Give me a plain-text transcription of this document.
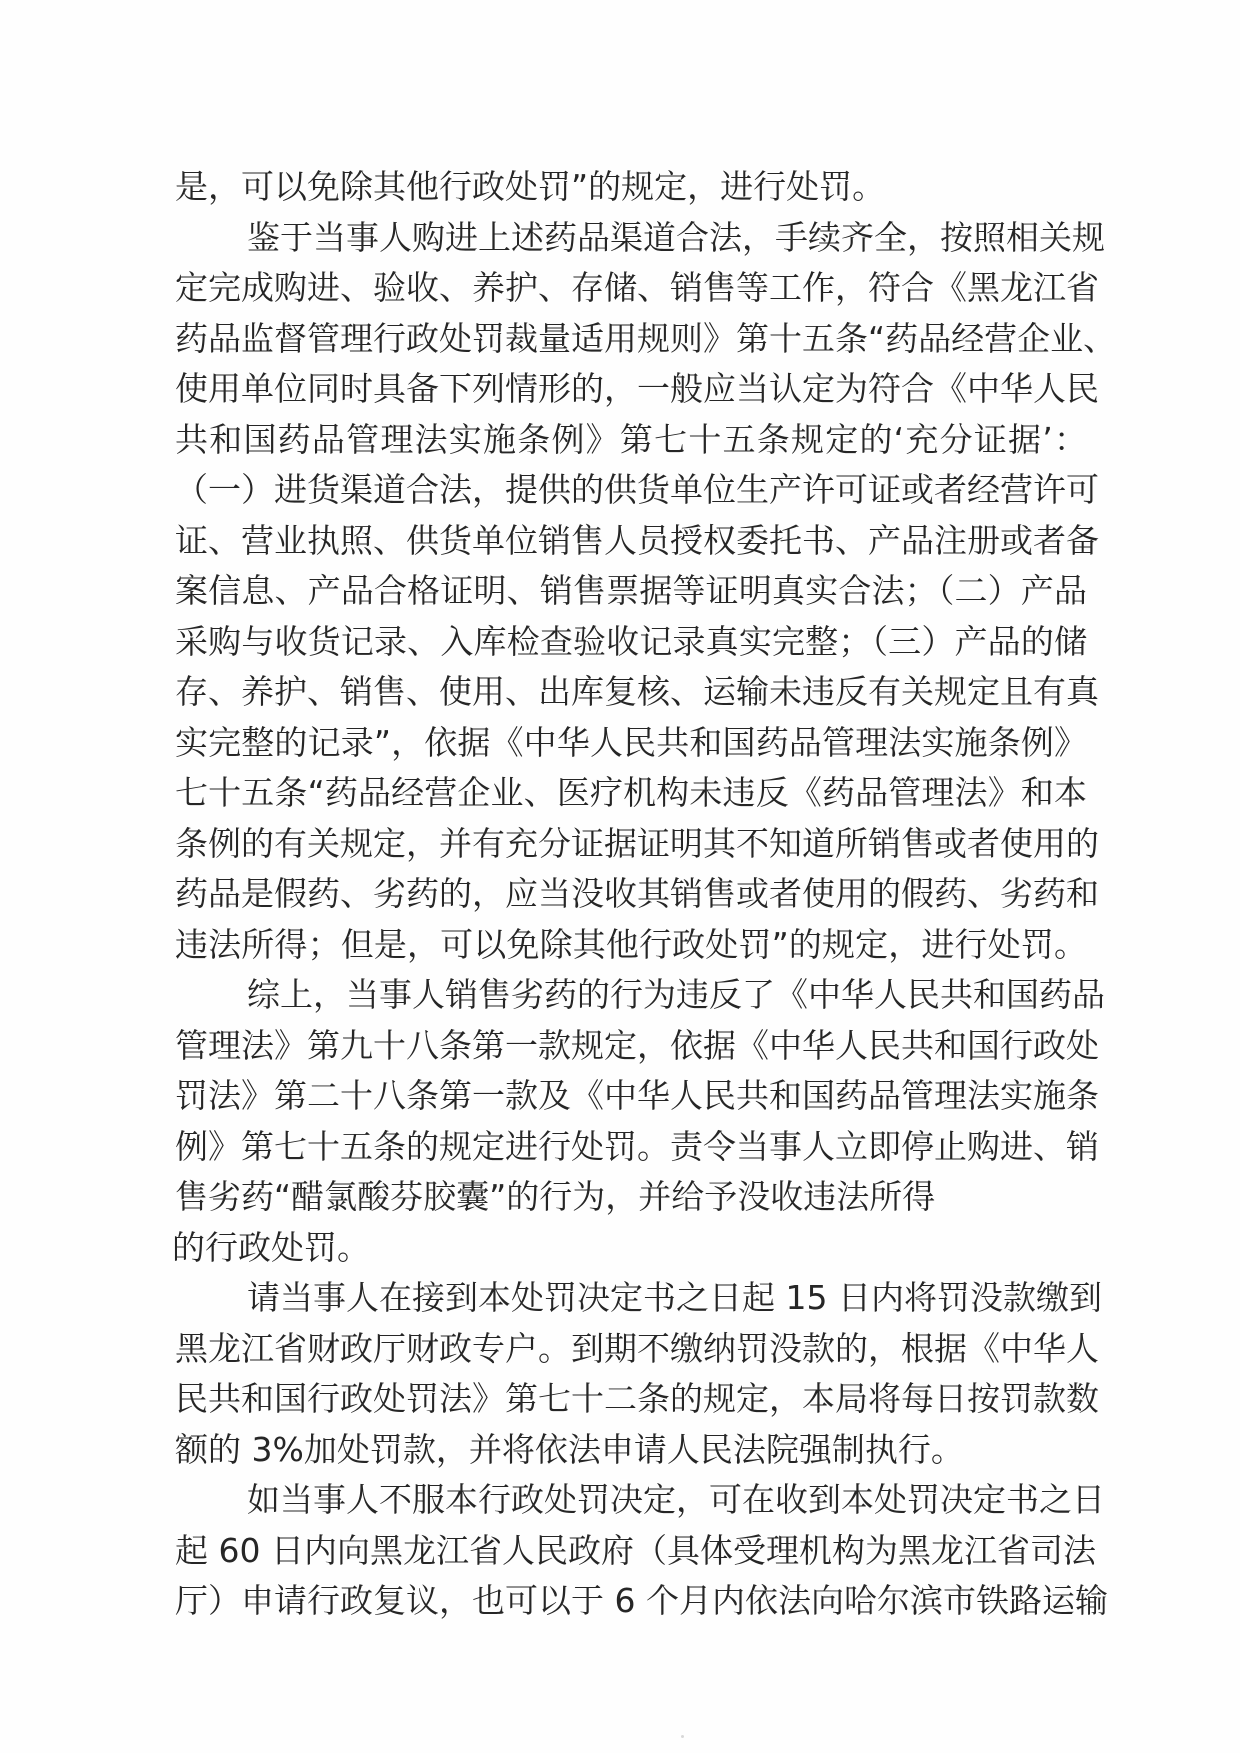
是，可以免除其他行政处罚”的规定，进行处罚。
鉴于当事人购进上述药品渠道合法，手续齐全，按照相关规
定完成购进、验收、养护、存储、销售等工作，符合《黑龙江省
药品监督管理行政处罚裁量适用规则》第十五条“药品经营企业、
使用单位同时具备下列情形的，一般应当认定为符合《中华人民
共和国药品管理法实施条例》第七十五条规定的‘充分证据’：
（一）进货渠道合法，提供的供货单位生产许可证或者经营许可
证、营业执照、供货单位销售人员授权委托书、产品注册或者备
案信息、产品合格证明、销售票据等证明真实合法；（二）产品
采购与收货记录、入库检查验收记录真实完整；（三）产品的储
存、养护、销售、使用、出库复核、运输未违反有关规定且有真
实完整的记录”，依据《中华人民共和国药品管理法实施条例》
七十五条“药品经营企业、医疗机构未违反《药品管理法》和本
条例的有关规定，并有充分证据证明其不知道所销售或者使用的
药品是假药、劣药的，应当没收其销售或者使用的假药、劣药和
违法所得；但是，可以免除其他行政处罚”的规定，进行处罚。
综上，当事人销售劣药的行为违反了《中华人民共和国药品
管理法》第九十八条第一款规定，依据《中华人民共和国行政处
罚法》第二十八条第一款及《中华人民共和国药品管理法实施条
例》第七十五条的规定进行处罚。责令当事人立即停止购进、销
售劣药“醋氯酸芬胶囊”的行为，并给予没收违法所得
的行政处罚。
请当事人在接到本处罚决定书之日起 15 日内将罚没款缴到
黑龙江省财政厅财政专户。到期不缴纳罚没款的，根据《中华人
民共和国行政处罚法》第七十二条的规定，本局将每日按罚款数
额的 3%加处罚款，并将依法申请人民法院强制执行。
如当事人不服本行政处罚决定，可在收到本处罚决定书之日
起 60 日内向黑龙江省人民政府（具体受理机构为黑龙江省司法
厅）申请行政复议，也可以于 6 个月内依法向哈尔滨市铁路运输
